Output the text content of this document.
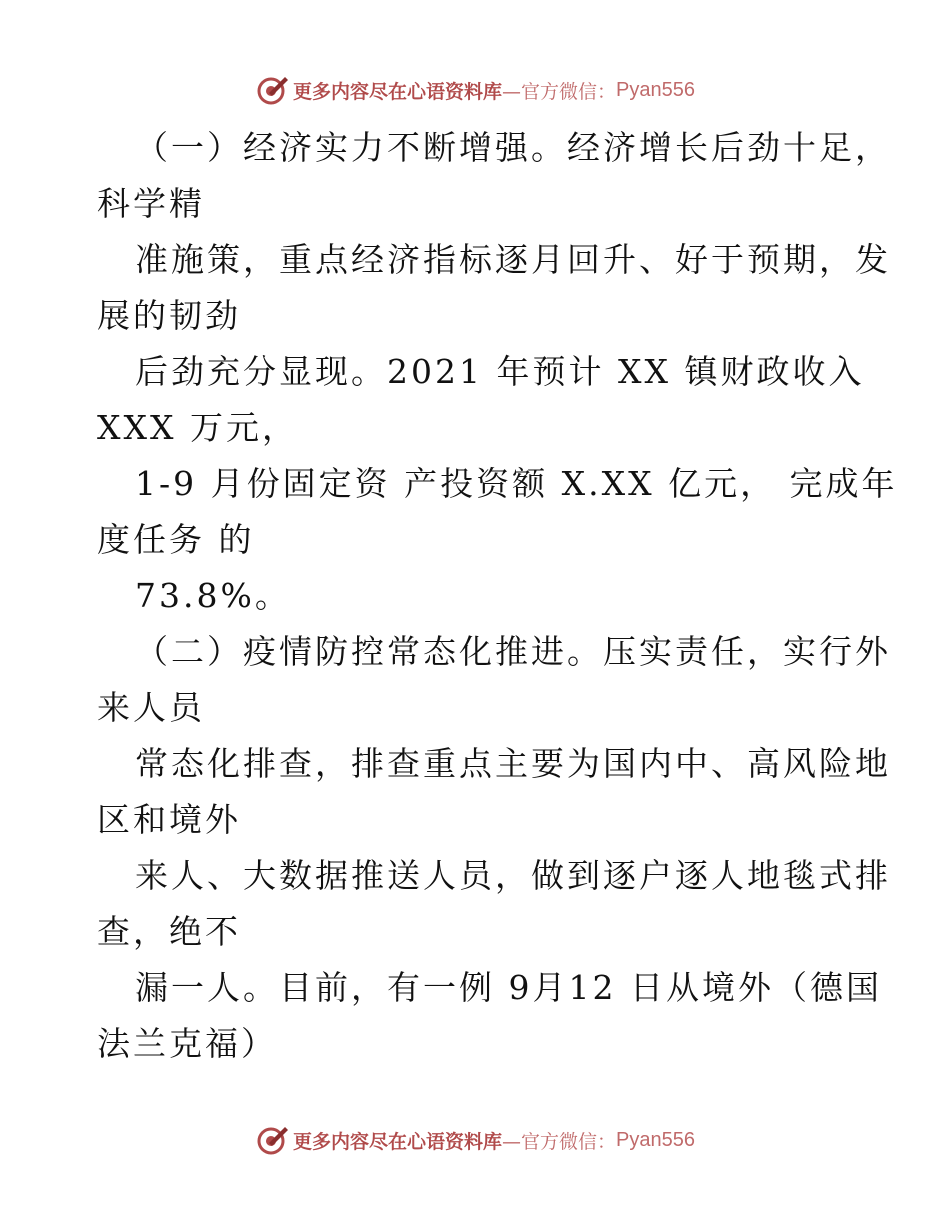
更多内容尽在心语资料库 —官方微信： Pyan556
（一）经济实力不断增强。经济增长后劲十足，
科学精
准施策，重点经济指标逐月回升、好于预期，发
展的韧劲
后劲充分显现。2021 年预计 XX 镇财政收入
XXX 万元，
1-9 月份固定资 产投资额 X.XX 亿元， 完成年
度任务 的
73.8%。
（二）疫情防控常态化推进。压实责任，实行外
来人员
常态化排查，排查重点主要为国内中、高风险地
区和境外
来人、大数据推送人员，做到逐户逐人地毯式排
查，绝不
漏一人。目前，有一例 9月12 日从境外（德国
法兰克福）
更多内容尽在心语资料库 —官方微信： Pyan556
